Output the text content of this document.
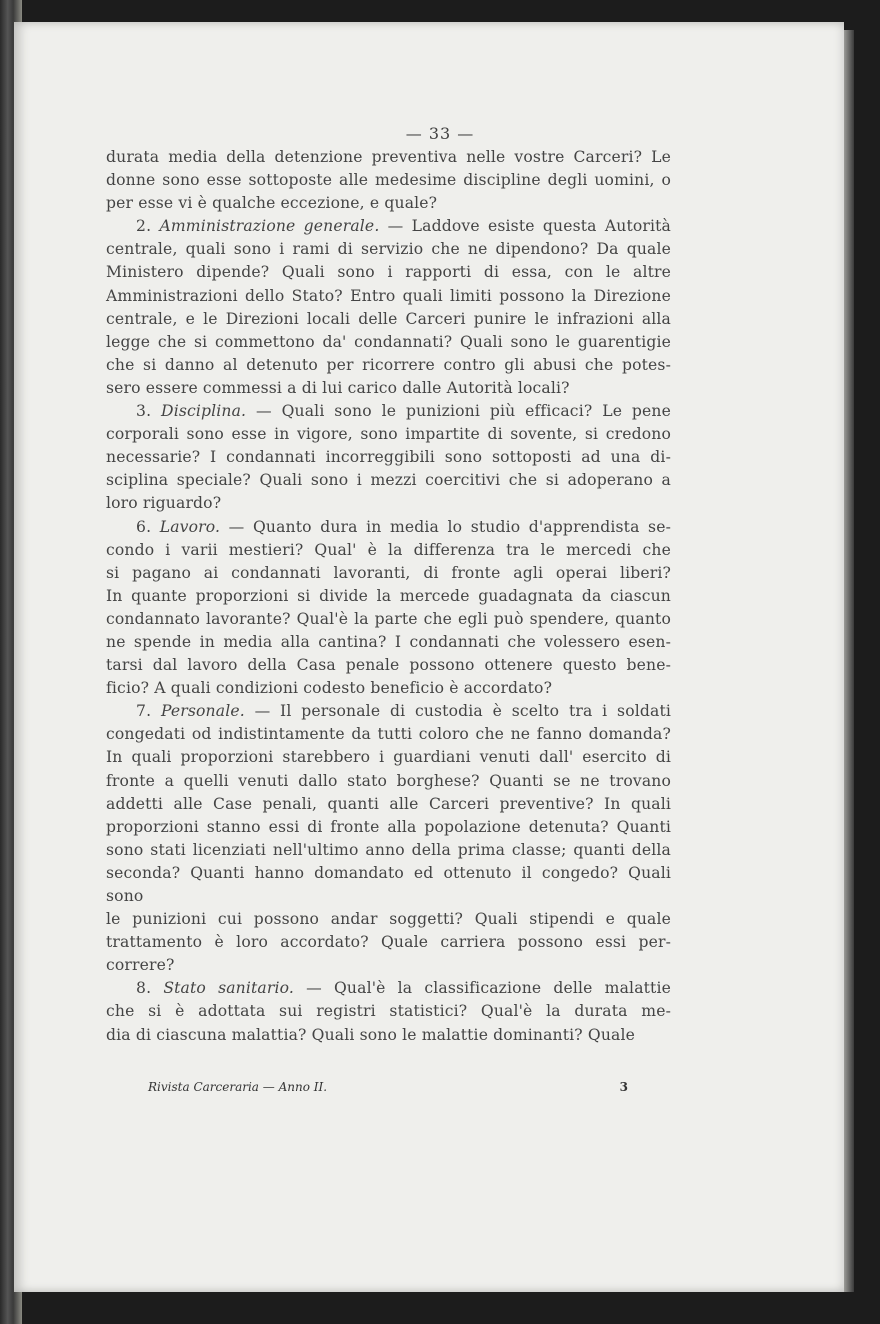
— 33 —

durata media della detenzione preventiva nelle vostre Carceri? Le

donne sono esse sottoposte alle medesime discipline degli uomini, o

per esse vi è qualche eccezione, e quale?

2. Amministrazione generale. — Laddove esiste questa Autorità

centrale, quali sono i rami di servizio che ne dipendono? Da quale

Ministero dipende? Quali sono i rapporti di essa, con le altre

Amministrazioni dello Stato? Entro quali limiti possono la Direzione

centrale, e le Direzioni locali delle Carceri punire le infrazioni alla

legge che si commettono da' condannati? Quali sono le guarentigie

che si danno al detenuto per ricorrere contro gli abusi che potes-

sero essere commessi a di lui carico dalle Autorità locali?

3. Disciplina. — Quali sono le punizioni più efficaci? Le pene

corporali sono esse in vigore, sono impartite di sovente, si credono

necessarie? I condannati incorreggibili sono sottoposti ad una di-

sciplina speciale? Quali sono i mezzi coercitivi che si adoperano a

loro riguardo?

6. Lavoro. — Quanto dura in media lo studio d'apprendista se-

condo i varii mestieri? Qual' è la differenza tra le mercedi che

si pagano ai condannati lavoranti, di fronte agli operai liberi?

In quante proporzioni si divide la mercede guadagnata da ciascun

condannato lavorante? Qual'è la parte che egli può spendere, quanto

ne spende in media alla cantina? I condannati che volessero esen-

tarsi dal lavoro della Casa penale possono ottenere questo bene-

ficio? A quali condizioni codesto beneficio è accordato?

7. Personale. — Il personale di custodia è scelto tra i soldati

congedati od indistintamente da tutti coloro che ne fanno domanda?

In quali proporzioni starebbero i guardiani venuti dall' esercito di

fronte a quelli venuti dallo stato borghese? Quanti se ne trovano

addetti alle Case penali, quanti alle Carceri preventive? In quali

proporzioni stanno essi di fronte alla popolazione detenuta? Quanti

sono stati licenziati nell'ultimo anno della prima classe; quanti della

seconda? Quanti hanno domandato ed ottenuto il congedo? Quali sono

le punizioni cui possono andar soggetti? Quali stipendi e quale

trattamento è loro accordato? Quale carriera possono essi per-

correre?

8. Stato sanitario. — Qual'è la classificazione delle malattie

che si è adottata sui registri statistici? Qual'è la durata me-

dia di ciascuna malattia? Quali sono le malattie dominanti? Quale

Rivista Carceraria — Anno II.	3
